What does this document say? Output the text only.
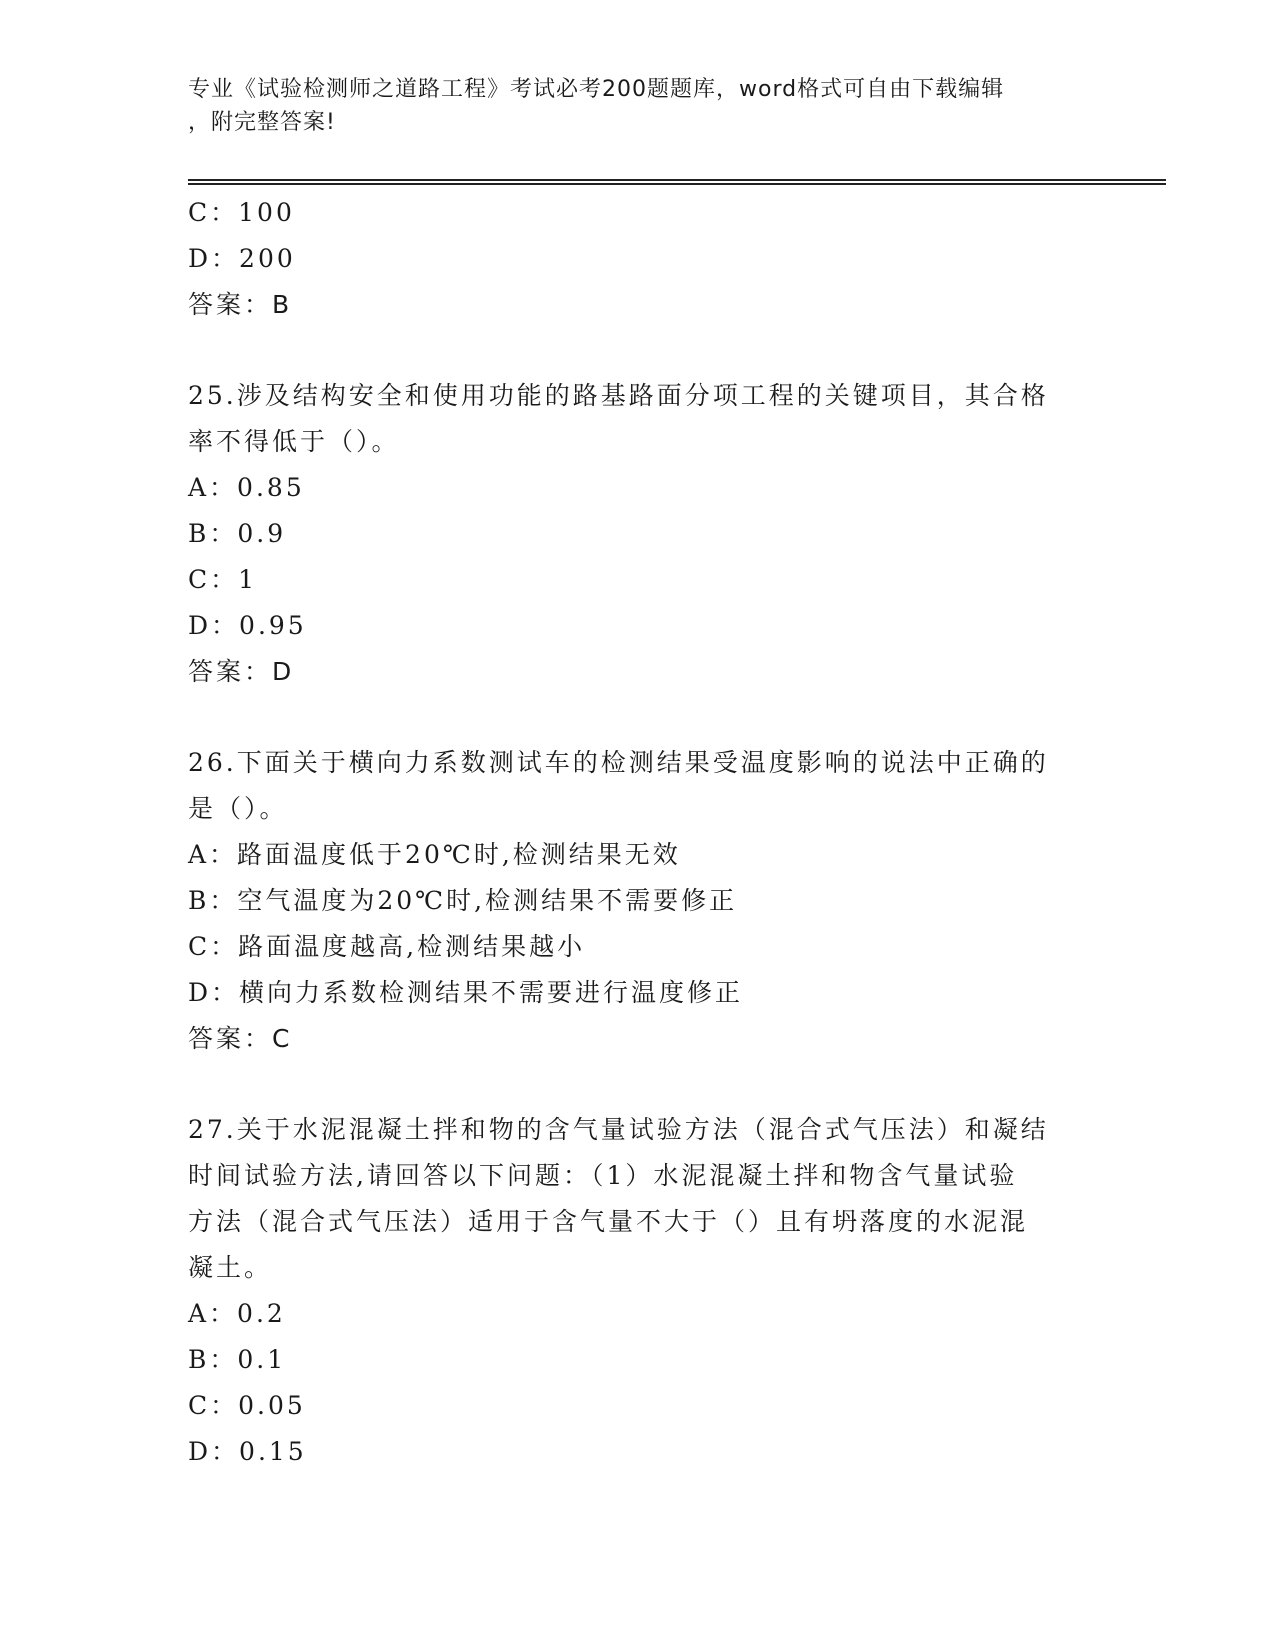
专业《试验检测师之道路工程》考试必考200题题库，word格式可自由下载编辑
，附完整答案!
C：100
D：200
答案：B
25.涉及结构安全和使用功能的路基路面分项工程的关键项目，其合格
率不得低于（）。
A：0.85
B：0.9
C：1
D：0.95
答案：D
26.下面关于横向力系数测试车的检测结果受温度影响的说法中正确的
是（）。
A：路面温度低于20℃时,检测结果无效
B：空气温度为20℃时,检测结果不需要修正
C：路面温度越高,检测结果越小
D：横向力系数检测结果不需要进行温度修正
答案：C
27.关于水泥混凝土拌和物的含气量试验方法（混合式气压法）和凝结
时间试验方法,请回答以下问题：（1）水泥混凝土拌和物含气量试验
方法（混合式气压法）适用于含气量不大于（）且有坍落度的水泥混
凝土。
A：0.2
B：0.1
C：0.05
D：0.15
